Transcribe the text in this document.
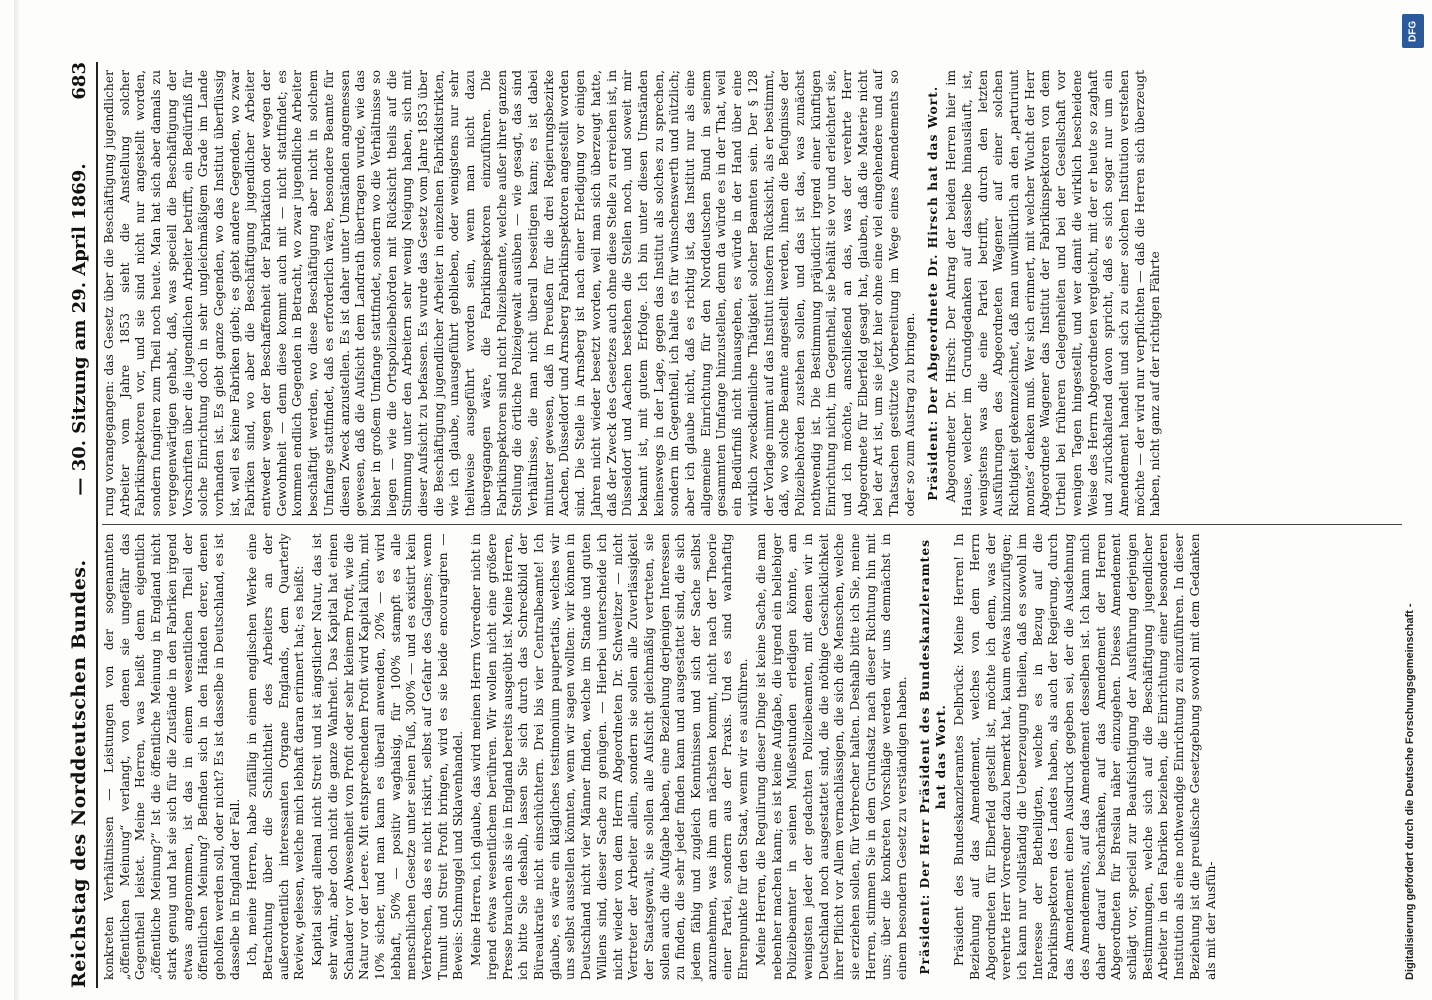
Reichstag des Norddeutschen Bundes.
— 30. Sitzung am 29. April 1869.
683

konkreten Verhältnissen — Leistungen von der sogenannten „öffentlichen Meinung“ verlangt, von denen sie ungefähr das Gegentheil leistet. Meine Herren, was heißt denn eigentlich „öffentliche Meinung?“ Ist die öffentliche Meinung in England nicht stark genug und hat sie sich für die Zustände in den Fabriken irgend etwas angenommen, ist das in einem wesentlichen Theil der öffentlichen Meinung? Befinden sich in den Händen derer, denen geholfen werden soll, oder nicht? Es ist dasselbe in Deutschland, es ist dasselbe in England der Fall. Ich, meine Herren, habe zufällig in einem englischen Werke eine Betrachtung über die Schlichtheit des Arbeiters an der außerordentlich interessanten Organe Englands, dem Quarterly Review, gelesen, welche mich lebhaft daran erinnert hat; es heißt: Kapital siegt allemal nicht Streit und ist ängstlicher Natur, das ist sehr wahr, aber doch nicht die ganze Wahrheit. Das Kapital hat einen Schauder vor Abwesenheit von Profit oder sehr kleinem Profit, wie die Natur vor der Leere. Mit entsprechendem Profit wird Kapital kühn, mit 10% sicher, und man kann es überall anwenden, 20% — es wird lebhaft, 50% — positiv waghalsig, für 100% stampft es alle menschlichen Gesetze unter seinen Fuß, 300% — und es existirt kein Verbrechen, das es nicht riskirt, selbst auf Gefahr des Galgens; wenn Tumult und Streit Profit bringen, wird es sie beide encouragiren — Beweis: Schmuggel und Sklavenhandel. Meine Herren, ich glaube, das wird meinen Herrn Vorredner nicht in irgend etwas wesentlichem berühren. Wir wollen nicht eine größere Presse brauchen als sie in England bereits ausgeübt ist. Meine Herren, ich bitte Sie deshalb, lassen Sie sich durch das Schreckbild der Büreaukratie nicht einschüchtern. Drei bis vier Centralbeamte! Ich glaube, es wäre ein klägliches testimonium paupertatis, welches wir uns selbst ausstellen könnten, wenn wir sagen wollten: wir können in Deutschland nicht vier Männer finden, welche im Stande und guten Willens sind, dieser Sache zu genügen. — Hierbei unterscheide ich nicht wieder von dem Herrn Abgeordneten Dr. Schweitzer — nicht Vertreter der Arbeiter allein, sondern sie sollen alle Zuverlässigkeit der Staatsgewalt, sie sollen alle Aufsicht gleichmäßig vertreten, sie sollen auch die Aufgabe haben, eine Beziehung derjenigen Interessen zu finden, die sehr jeder finden kann und ausgestattet sind, die sich jedem fähig und zugleich Kenntnissen und sich der Sache selbst anzunehmen, was ihm am nächsten kommt, nicht nach der Theorie einer Partei, sondern aus der Praxis. Und es sind wahrhaftig Ehrenpunkte für den Staat, wenn wir es ausführen. Meine Herren, die Regulirung dieser Dinge ist keine Sache, die man nebenher machen kann; es ist keine Aufgabe, die irgend ein beliebiger Polizeibeamter in seinen Mußestunden erledigen könnte, am wenigsten jeder der gedachten Polizeibeamten, mit denen wir in Deutschland noch ausgestattet sind, die die nöthige Geschicklichkeit ihrer Pflicht vor Allem vernachlässigen, die sich die Menschen, welche sie erziehen sollen, für Verbrecher halten. Deshalb bitte ich Sie, meine Herren, stimmen Sie in dem Grundsatz nach dieser Richtung hin mit uns; über die konkreten Vorschläge werden wir uns demnächst in einem besondern Gesetz zu verständigen haben. Präsident: Der Herr Präsident des Bundeskanzleramtes hat das Wort. Präsident des Bundeskanzleramtes Delbrück: Meine Herren! In Beziehung auf das Amendement, welches von dem Herrn Abgeordneten für Elberfeld gestellt ist, möchte ich denn, was der verehrte Herr Vorredner dazu bemerkt hat, kaum etwas hinzuzufügen; ich kann nur vollständig die Ueberzeugung theilen, daß es sowohl im Interesse der Betheiligten, welche es in Bezug auf die Fabrikinspektoren des Landes haben, als auch der Regierung, durch das Amendement einen Ausdruck gegeben sei, der die Ausdehnung des Amendements, auf das Amendement desselben ist. Ich kann mich daher darauf beschränken, auf das Amendement der Herren Abgeordneten für Breslau näher einzugehen. Dieses Amendement schlägt vor, speciell zur Beaufsichtigung der Ausführung derjenigen Bestimmungen, welche sich auf die Beschäftigung jugendlicher Arbeiter in den Fabriken beziehen, die Einrichtung einer besonderen Institution als eine nothwendige Einrichtung zu einzuführen. In dieser Beziehung ist die preußische Gesetzgebung sowohl mit dem Gedanken als mit der Ausfüh-

rung vorangegangen: das Gesetz über die Beschäftigung jugendlicher Arbeiter vom Jahre 1853 sieht die Anstellung solcher Fabrikinspektoren vor, und sie sind nicht nur angestellt worden, sondern fungiren zum Theil noch heute. Man hat sich aber damals zu vergegenwärtigen gehabt, daß, was speciell die Beschäftigung der Vorschriften über die jugendlichen Arbeiter betrifft, ein Bedürfniß für solche Einrichtung doch in sehr ungleichmäßigem Grade im Lande vorhanden ist. Es giebt ganze Gegenden, wo das Institut überflüssig ist, weil es keine Fabriken giebt; es giebt andere Gegenden, wo zwar Fabriken sind, wo aber die Beschäftigung jugendlicher Arbeiter entweder wegen der Beschaffenheit der Fabrikation oder wegen der Gewohnheit — denn diese kommt auch mit — nicht stattfindet; es kommen endlich Gegenden in Betracht, wo zwar jugendliche Arbeiter beschäftigt werden, wo diese Beschäftigung aber nicht in solchem Umfange stattfindet, daß es erforderlich wäre, besondere Beamte für diesen Zweck anzustellen. Es ist daher unter Umständen angemessen gewesen, daß die Aufsicht dem Landrath übertragen wurde, wie das bisher in großem Umfange stattfindet, sondern wo die Verhältnisse so liegen — wie die Ortspolizeibehörden mit Rücksicht theils auf die Stimmung unter den Arbeitern sehr wenig Neigung haben, sich mit dieser Aufsicht zu befassen. Es wurde das Gesetz vom Jahre 1853 über die Beschäftigung jugendlicher Arbeiter in einzelnen Fabrikdistrikten, wie ich glaube, unausgeführt geblieben, oder wenigstens nur sehr theilweise ausgeführt worden sein, wenn man nicht dazu übergegangen wäre, die Fabrikinspektoren einzuführen. Die Fabrikinspektoren sind nicht Polizeibeamte, welche außer ihrer ganzen Stellung die örtliche Polizeigewalt ausüben — wie gesagt, das sind Verhältnisse, die man nicht überall beseitigen kann; es ist dabei mitunter gewesen, daß in Preußen für die drei Regierungsbezirke Aachen, Düsseldorf und Arnsberg Fabrikinspektoren angestellt worden sind. Die Stelle in Arnsberg ist nach einer Erledigung vor einigen Jahren nicht wieder besetzt worden, weil man sich überzeugt hatte, daß der Zweck des Gesetzes auch ohne diese Stelle zu erreichen ist, in Düsseldorf und Aachen bestehen die Stellen noch, und soweit mir bekannt ist, mit gutem Erfolge. Ich bin unter diesen Umständen keineswegs in der Lage, gegen das Institut als solches zu sprechen, sondern im Gegentheil, ich halte es für wünschenswerth und nützlich; aber ich glaube nicht, daß es richtig ist, das Institut nur als eine allgemeine Einrichtung für den Norddeutschen Bund in seinem gesammten Umfange hinzustellen, denn da würde es in der That, weil ein Bedürfniß nicht hinausgehen, es würde in der Hand über eine wirklich zweckdienliche Thätigkeit solcher Beamten sein. Der § 128 der Vorlage nimmt auf das Institut insofern Rücksicht, als er bestimmt, daß, wo solche Beamte angestellt werden, ihnen die Befugnisse der Polizeibehörden zustehen sollen, und das ist das, was zunächst nothwendig ist. Die Bestimmung präjudicirt irgend einer künftigen Einrichtung nicht, im Gegentheil, sie behält sie vor und erleichtert sie, und ich möchte, anschließend an das, was der verehrte Herr Abgeordnete für Elberfeld gesagt hat, glauben, daß die Materie nicht bei der Art ist, um sie jetzt hier ohne eine viel eingehendere und auf Thatsachen gestützte Vorbereitung im Wege eines Amendements so oder so zum Austrag zu bringen. Präsident: Der Abgeordnete Dr. Hirsch hat das Wort. Abgeordneter Dr. Hirsch: Der Antrag der beiden Herren hier im Hause, welcher im Grundgedanken auf dasselbe hinausläuft, ist, wenigstens was die eine Partei betrifft, durch den letzten Ausführungen des Abgeordneten Wagener auf einer solchen Richtigkeit gekennzeichnet, daß man unwillkürlich an den „parturiunt montes“ denken muß. Wer sich erinnert, mit welcher Wucht der Herr Abgeordnete Wagener das Institut der Fabrikinspektoren von dem Urtheil bei früheren Gelegenheiten und bei der Gesellschaft vor wenigen Tagen hingestellt, und wer damit die wirklich bescheidene Weise des Herrn Abgeordneten vergleicht, mit der er heute so zaghaft und zurückhaltend davon spricht, daß es sich sogar nur um ein Amendement handelt und sich zu einer solchen Institution verstehen möchte — der wird nur verpflichten — daß die Herren sich überzeugt haben, nicht ganz auf der richtigen Fährte

DFG
Digitalisierung gefördert durch die Deutsche Forschungsgemeinschaft -
